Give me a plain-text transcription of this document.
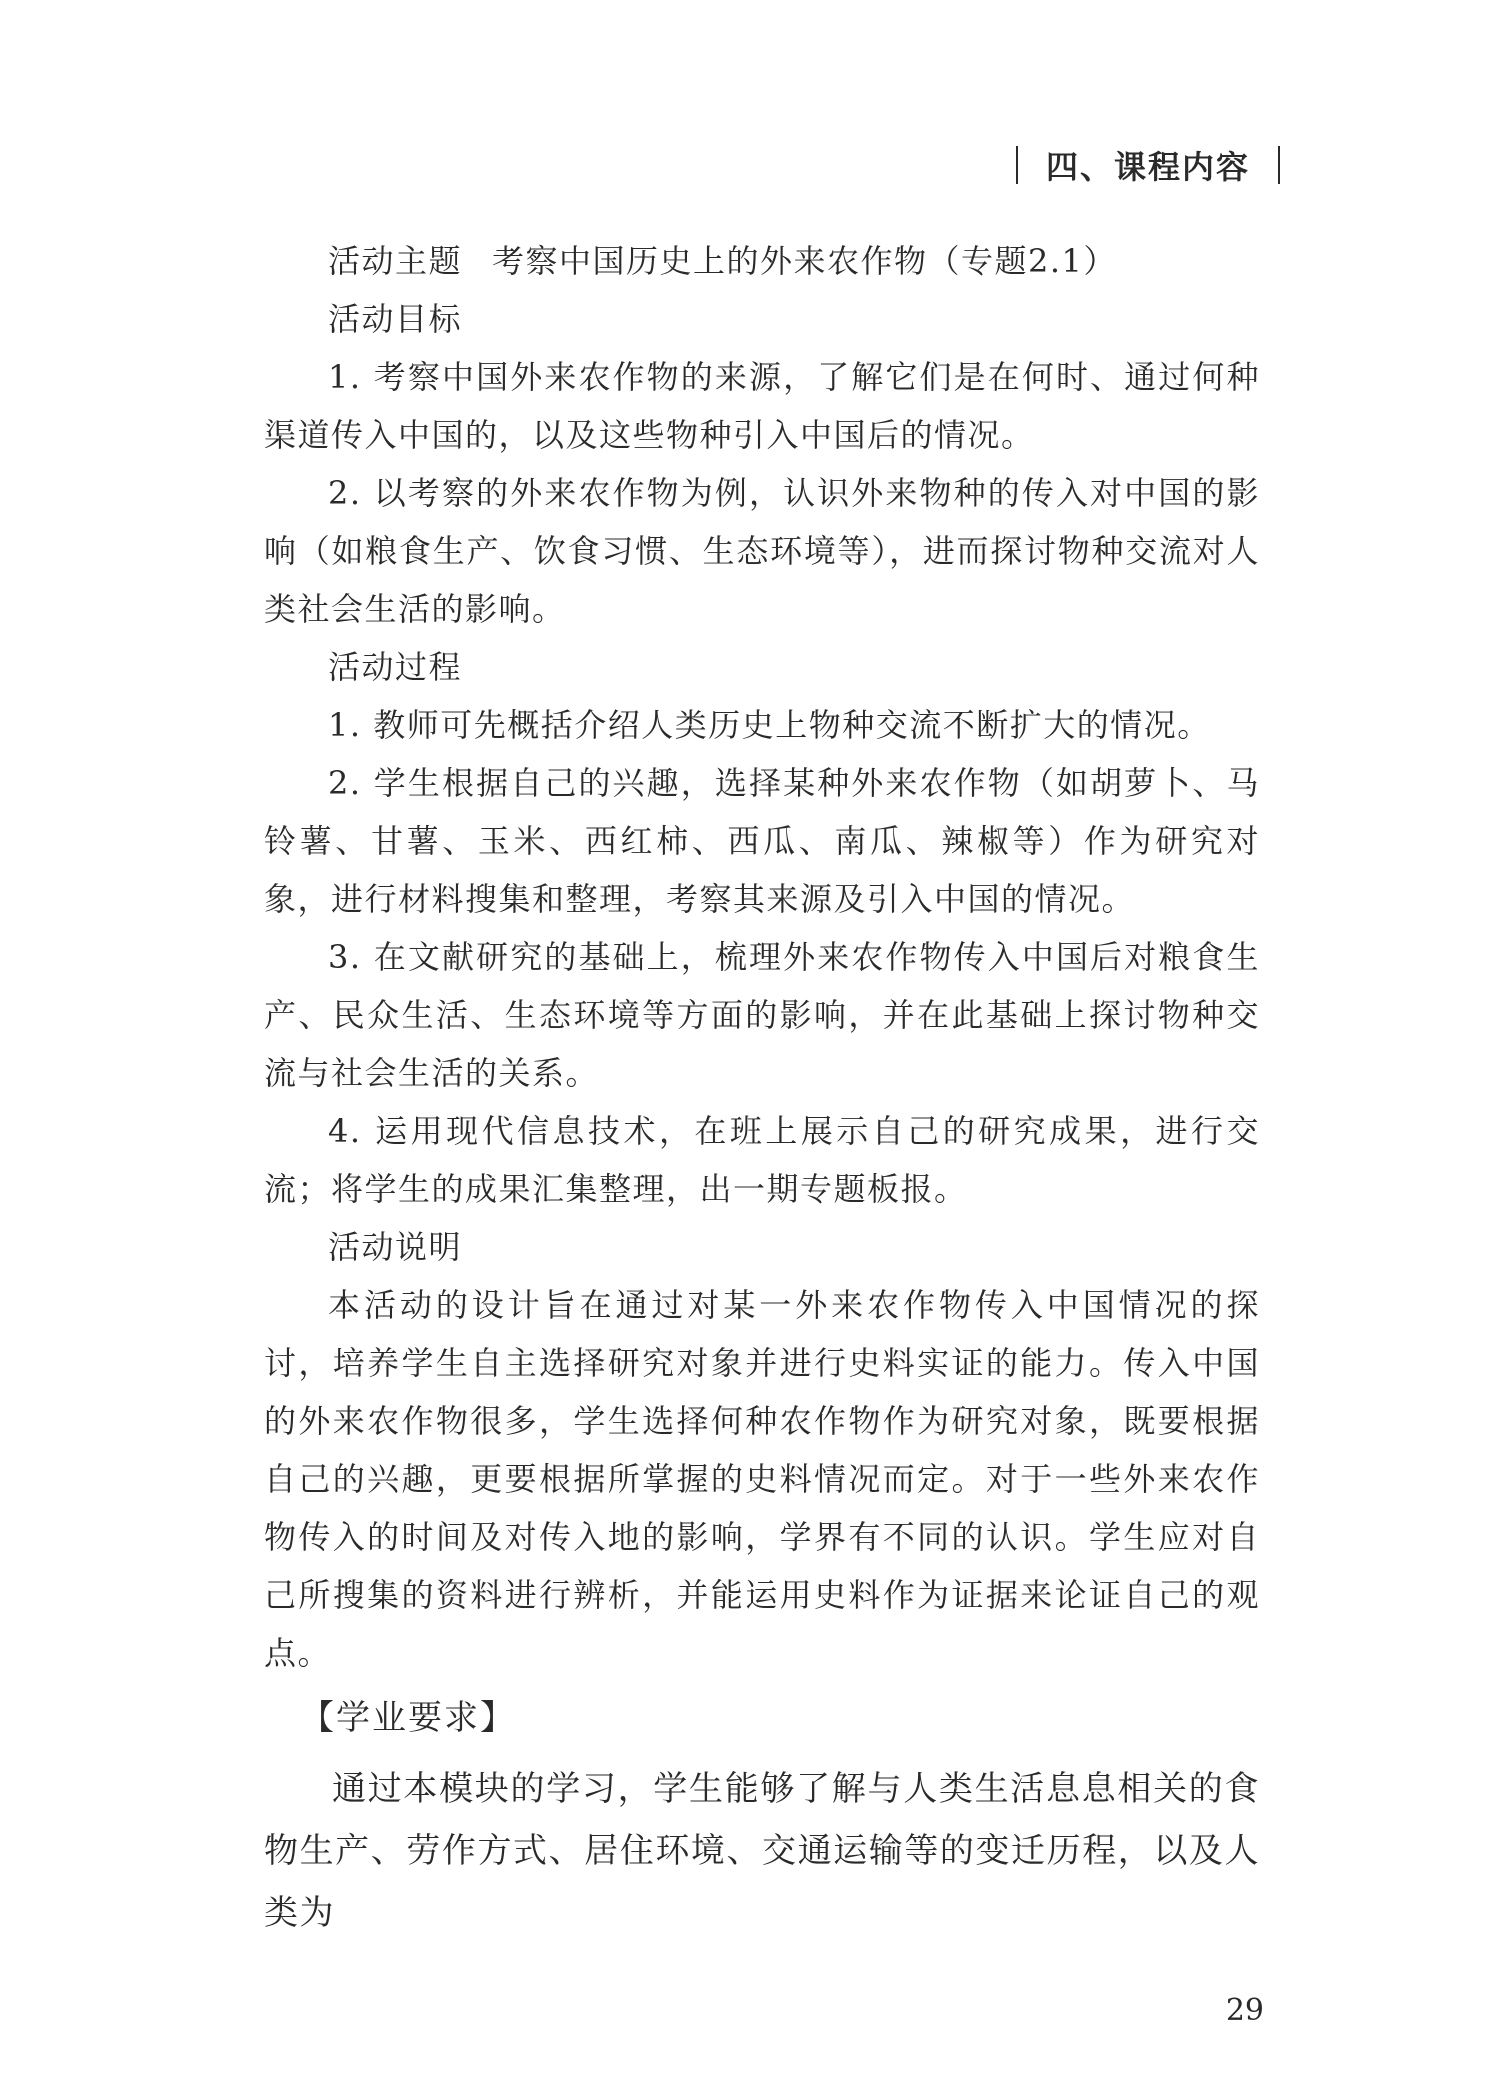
四、课程内容

活动主题 考察中国历史上的外来农作物（专题2.1）

活动目标

1. 考察中国外来农作物的来源，了解它们是在何时、通过何种渠道传入中国的，以及这些物种引入中国后的情况。

2. 以考察的外来农作物为例，认识外来物种的传入对中国的影响（如粮食生产、饮食习惯、生态环境等），进而探讨物种交流对人类社会生活的影响。

活动过程

1. 教师可先概括介绍人类历史上物种交流不断扩大的情况。

2. 学生根据自己的兴趣，选择某种外来农作物（如胡萝卜、马铃薯、甘薯、玉米、西红柿、西瓜、南瓜、辣椒等）作为研究对象，进行材料搜集和整理，考察其来源及引入中国的情况。

3. 在文献研究的基础上，梳理外来农作物传入中国后对粮食生产、民众生活、生态环境等方面的影响，并在此基础上探讨物种交流与社会生活的关系。

4. 运用现代信息技术，在班上展示自己的研究成果，进行交流；将学生的成果汇集整理，出一期专题板报。

活动说明

本活动的设计旨在通过对某一外来农作物传入中国情况的探讨，培养学生自主选择研究对象并进行史料实证的能力。传入中国的外来农作物很多，学生选择何种农作物作为研究对象，既要根据自己的兴趣，更要根据所掌握的史料情况而定。对于一些外来农作物传入的时间及对传入地的影响，学界有不同的认识。学生应对自己所搜集的资料进行辨析，并能运用史料作为证据来论证自己的观点。

【学业要求】

通过本模块的学习，学生能够了解与人类生活息息相关的食物生产、劳作方式、居住环境、交通运输等的变迁历程，以及人类为

29
